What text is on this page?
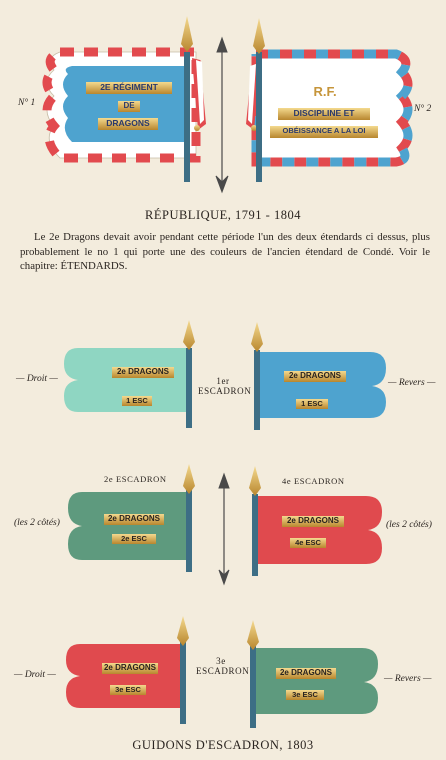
N° 1
N° 2
2E RÉGIMENT
DE
DRAGONS
R.F.
DISCIPLINE ET
OBÉISSANCE A LA LOI
RÉPUBLIQUE, 1791 - 1804

Le 2e Dragons devait avoir pendant cette période l'un des deux étendards ci dessus, plus probablement le no 1 qui porte une des couleurs de l'ancien étendard de Condé. Voir le chapitre: ÉTENDARDS.

— Droit —	— Revers —
1er ESCADRON
2e DRAGONS
1 ESC
2e DRAGONS
1 ESC
2e ESCADRON	4e ESCADRON
(les 2 côtés)	(les 2 côtés)
2e DRAGONS
2e ESC
2e DRAGONS
4e ESC
— Droit —	— Revers —
3e ESCADRON
2e DRAGONS
3e ESC
2e DRAGONS
3e ESC
GUIDONS D'ESCADRON, 1803
